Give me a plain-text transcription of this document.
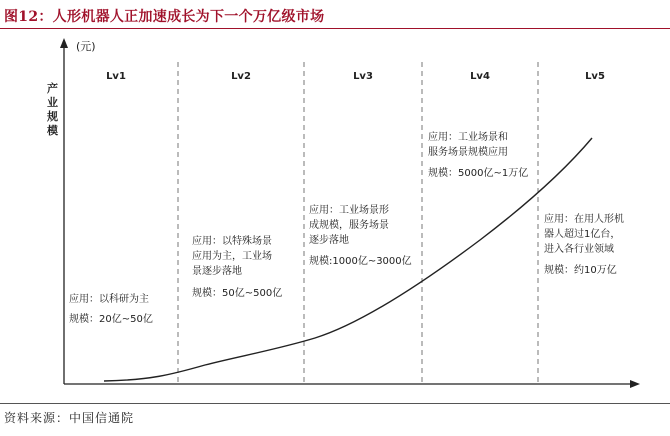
图12：人形机器人正加速成长为下一个万亿级市场
(元)
产
业
规
模
Lv1	Lv2	Lv3	Lv4	Lv5
应用：以科研为主
规模：20亿~50亿
应用：以特殊场景
应用为主，工业场
景逐步落地
规模：50亿~500亿
应用：工业场景形
成规模，服务场景
逐步落地
规模:1000亿~3000亿
应用：工业场景和
服务场景规模应用
规模：5000亿~1万亿
应用：在用人形机
器人超过1亿台，
进入各行业领域
规模：约10万亿
资料来源：中国信通院
